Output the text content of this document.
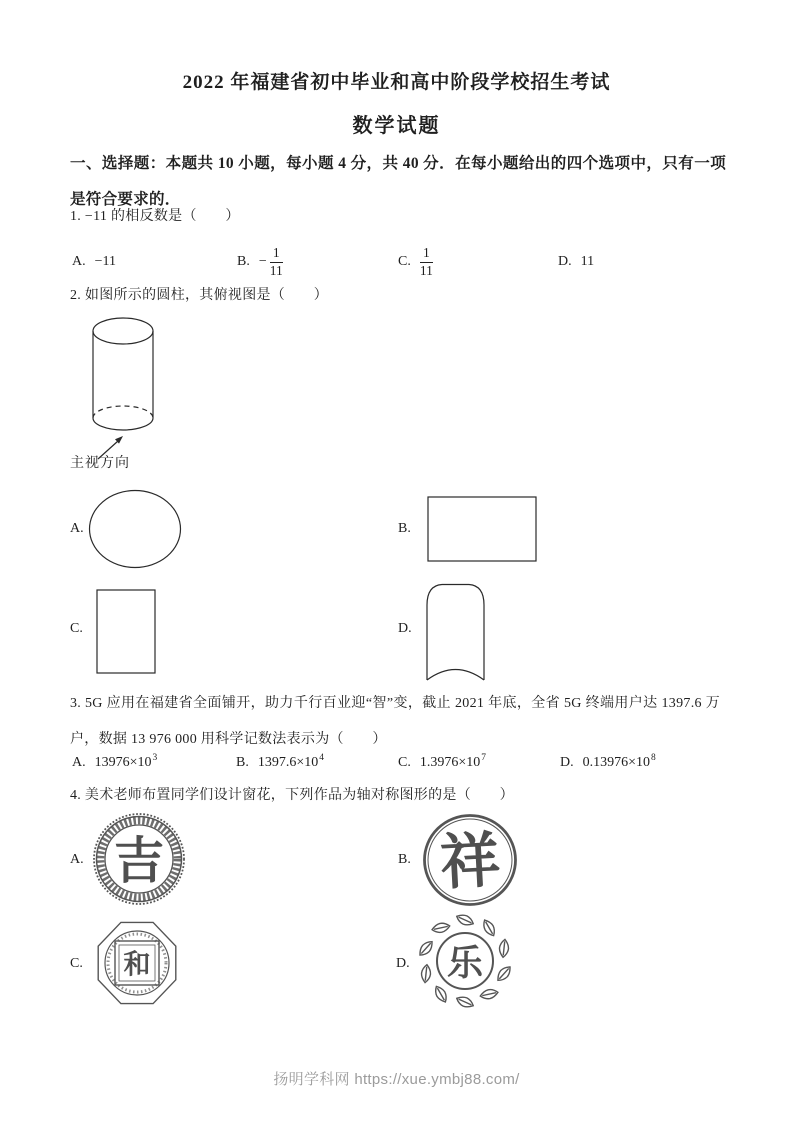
2022 年福建省初中毕业和高中阶段学校招生考试
数学试题
一、选择题：本题共 10 小题，每小题 4 分，共 40 分．在每小题给出的四个选项中，只有一项是符合要求的．
1. −11 的相反数是（　　）
A. −11	B. − $\frac{1}{11}$	C. $\frac{1}{11}$	D. 11
2. 如图所示的圆柱，其俯视图是（　　）
主视方向
A.	B.
C.	D.
3. 5G 应用在福建省全面铺开，助力千行百业迎“智”变，截止 2021 年底，全省 5G 终端用户达 1397.6 万户，数据 13 976 000 用科学记数法表示为（　　）
A. $13976\times 10^3$	B. $1397.6\times 10^4$	C. $1.3976\times 10^7$	D. $0.13976\times 10^8$
4. 美术老师布置同学们设计窗花，下列作品为轴对称图形的是（　　）
A. 吉	B. 祥
C. 和	D. 乐
扬明学科网 https://xue.ymbj88.com/
